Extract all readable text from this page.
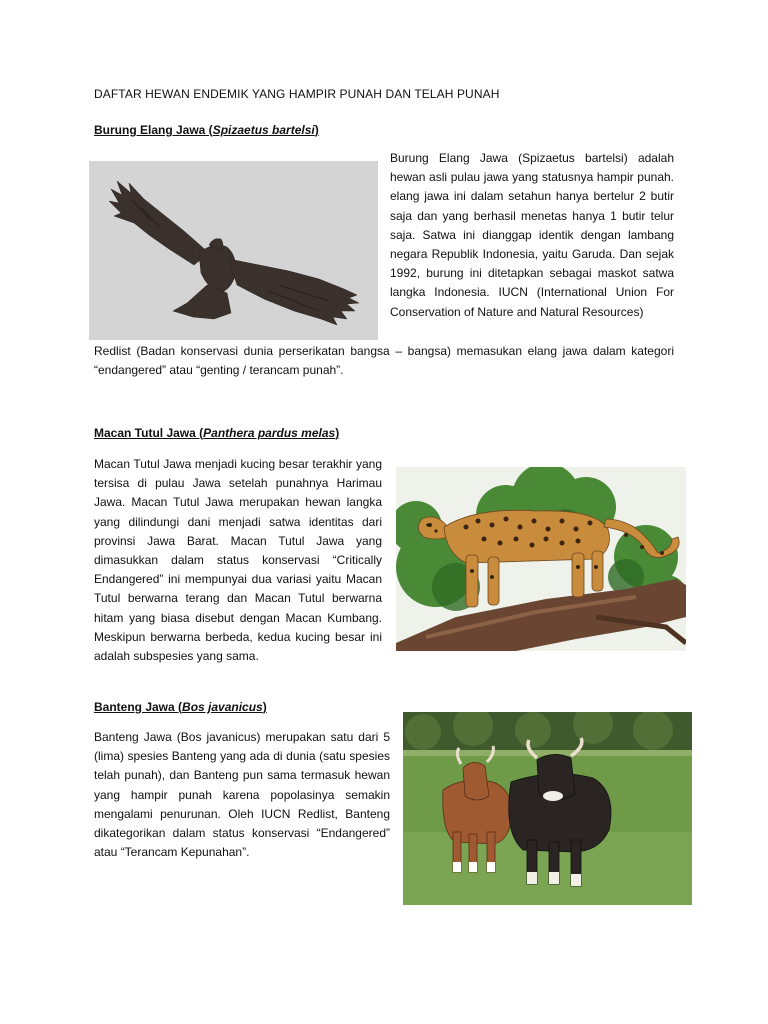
DAFTAR HEWAN ENDEMIK YANG HAMPIR PUNAH DAN TELAH PUNAH
Burung Elang Jawa (Spizaetus bartelsi)
Burung Elang Jawa (Spizaetus bartelsi) adalah hewan asli pulau jawa yang statusnya hampir punah. elang jawa ini dalam setahun hanya bertelur 2 butir saja dan yang berhasil menetas hanya 1 butir telur saja. Satwa ini dianggap identik dengan lambang negara Republik Indonesia, yaitu Garuda. Dan sejak 1992, burung ini ditetapkan sebagai maskot satwa langka Indonesia. IUCN (International Union For Conservation of Nature and Natural Resources)
Redlist (Badan konservasi dunia perserikatan bangsa – bangsa) memasukan elang jawa dalam kategori “endangered” atau “genting / terancam punah”.
Macan Tutul Jawa (Panthera pardus melas)
Macan Tutul Jawa menjadi kucing besar terakhir yang tersisa di pulau Jawa setelah punahnya Harimau Jawa. Macan Tutul Jawa merupakan hewan langka yang dilindungi dani menjadi satwa identitas dari provinsi Jawa Barat. Macan Tutul Jawa yang dimasukkan dalam status konservasi “Critically Endangered” ini mempunyai dua variasi yaitu Macan Tutul berwarna terang dan Macan Tutul berwarna hitam yang biasa disebut dengan Macan Kumbang. Meskipun berwarna berbeda, kedua kucing besar ini adalah subspesies yang sama.
Banteng Jawa (Bos javanicus)
Banteng Jawa (Bos javanicus) merupakan satu dari 5 (lima) spesies Banteng yang ada di dunia (satu spesies telah punah), dan Banteng pun sama termasuk hewan yang hampir punah karena popolasinya semakin mengalami penurunan. Oleh IUCN Redlist, Banteng dikategorikan dalam status konservasi “Endangered” atau “Terancam Kepunahan”.
